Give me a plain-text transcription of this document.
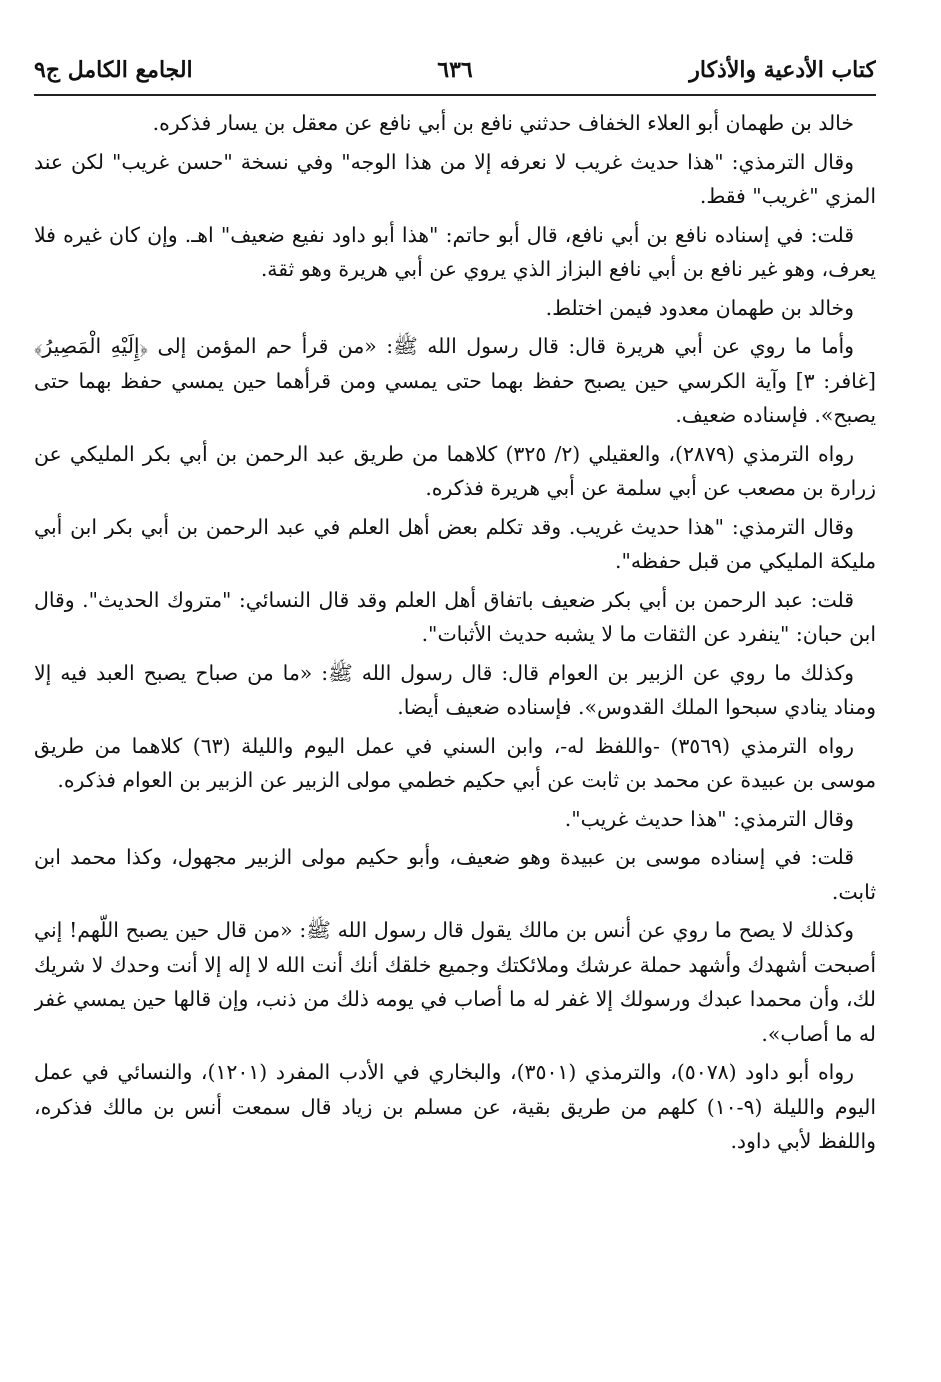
كتاب الأدعية والأذكار
٦٣٦
الجامع الكامل ج٩

خالد بن طهمان أبو العلاء الخفاف حدثني نافع بن أبي نافع عن معقل بن يسار فذكره.

وقال الترمذي: "هذا حديث غريب لا نعرفه إلا من هذا الوجه" وفي نسخة "حسن غريب" لكن عند المزي "غريب" فقط.

قلت: في إسناده نافع بن أبي نافع، قال أبو حاتم: "هذا أبو داود نفيع ضعيف" اهـ. وإن كان غيره فلا يعرف، وهو غير نافع بن أبي نافع البزاز الذي يروي عن أبي هريرة وهو ثقة.

وخالد بن طهمان معدود فيمن اختلط.

وأما ما روي عن أبي هريرة قال: قال رسول الله ﷺ: «من قرأ حم المؤمن إلى ﴿إِلَيْهِ الْمَصِيرُ﴾ [غافر: ٣] وآية الكرسي حين يصبح حفظ بهما حتى يمسي ومن قرأهما حين يمسي حفظ بهما حتى يصبح». فإسناده ضعيف.

رواه الترمذي (٢٨٧٩)، والعقيلي (٢/ ٣٢٥) كلاهما من طريق عبد الرحمن بن أبي بكر المليكي عن زرارة بن مصعب عن أبي سلمة عن أبي هريرة فذكره.

وقال الترمذي: "هذا حديث غريب. وقد تكلم بعض أهل العلم في عبد الرحمن بن أبي بكر ابن أبي مليكة المليكي من قبل حفظه".

قلت: عبد الرحمن بن أبي بكر ضعيف باتفاق أهل العلم وقد قال النسائي: "متروك الحديث". وقال ابن حبان: "ينفرد عن الثقات ما لا يشبه حديث الأثبات".

وكذلك ما روي عن الزبير بن العوام قال: قال رسول الله ﷺ: «ما من صباح يصبح العبد فيه إلا ومناد ينادي سبحوا الملك القدوس». فإسناده ضعيف أيضا.

رواه الترمذي (٣٥٦٩) -واللفظ له-، وابن السني في عمل اليوم والليلة (٦٣) كلاهما من طريق موسى بن عبيدة عن محمد بن ثابت عن أبي حكيم خطمي مولى الزبير عن الزبير بن العوام فذكره.

وقال الترمذي: "هذا حديث غريب".

قلت: في إسناده موسى بن عبيدة وهو ضعيف، وأبو حكيم مولى الزبير مجهول، وكذا محمد ابن ثابت.

وكذلك لا يصح ما روي عن أنس بن مالك يقول قال رسول الله ﷺ: «من قال حين يصبح اللّهم! إني أصبحت أشهدك وأشهد حملة عرشك وملائكتك وجميع خلقك أنك أنت الله لا إله إلا أنت وحدك لا شريك لك، وأن محمدا عبدك ورسولك إلا غفر له ما أصاب في يومه ذلك من ذنب، وإن قالها حين يمسي غفر له ما أصاب».

رواه أبو داود (٥٠٧٨)، والترمذي (٣٥٠١)، والبخاري في الأدب المفرد (١٢٠١)، والنسائي في عمل اليوم والليلة (٩-١٠) كلهم من طريق بقية، عن مسلم بن زياد قال سمعت أنس بن مالك فذكره، واللفظ لأبي داود.
